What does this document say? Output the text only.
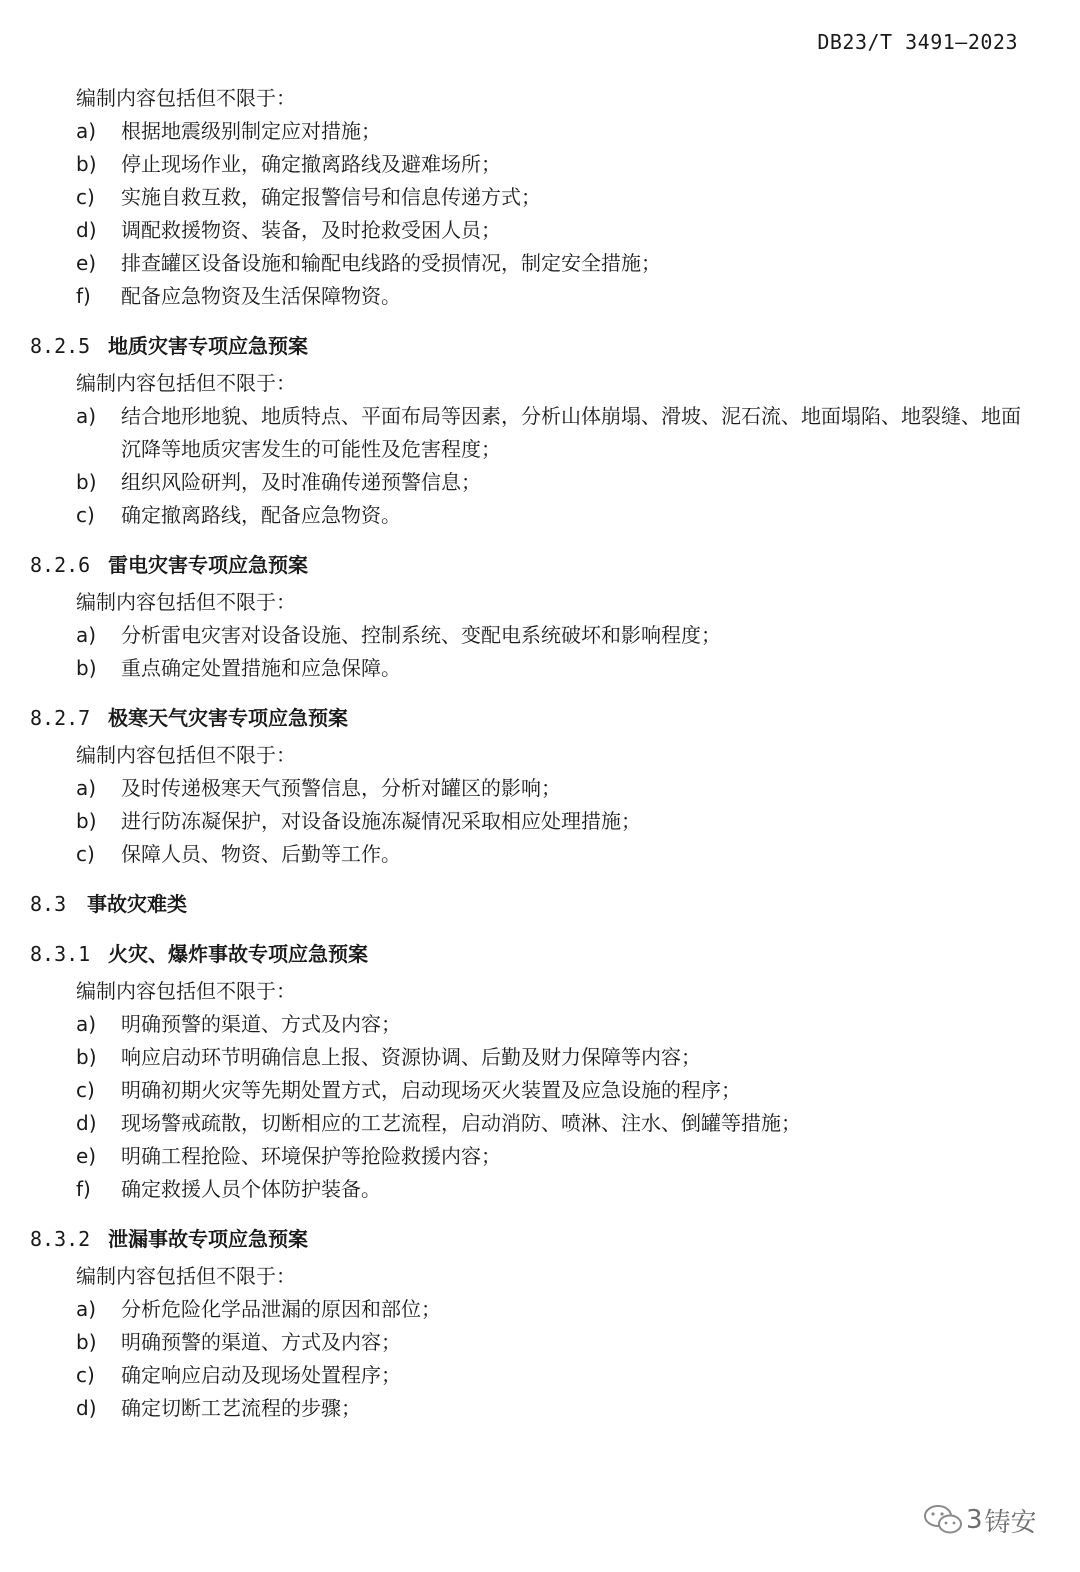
DB23/T 3491—2023
编制内容包括但不限于：
a)	根据地震级别制定应对措施；
b)	停止现场作业，确定撤离路线及避难场所；
c)	实施自救互救，确定报警信号和信息传递方式；
d)	调配救援物资、装备，及时抢救受困人员；
e)	排查罐区设备设施和输配电线路的受损情况，制定安全措施；
f)	配备应急物资及生活保障物资。
8.2.5 地质灾害专项应急预案
编制内容包括但不限于：
a)	结合地形地貌、地质特点、平面布局等因素，分析山体崩塌、滑坡、泥石流、地面塌陷、地裂缝、地面沉降等地质灾害发生的可能性及危害程度；
b)	组织风险研判，及时准确传递预警信息；
c)	确定撤离路线，配备应急物资。
8.2.6 雷电灾害专项应急预案
编制内容包括但不限于：
a)	分析雷电灾害对设备设施、控制系统、变配电系统破坏和影响程度；
b)	重点确定处置措施和应急保障。
8.2.7 极寒天气灾害专项应急预案
编制内容包括但不限于：
a)	及时传递极寒天气预警信息，分析对罐区的影响；
b)	进行防冻凝保护，对设备设施冻凝情况采取相应处理措施；
c)	保障人员、物资、后勤等工作。
8.3 事故灾难类
8.3.1 火灾、爆炸事故专项应急预案
编制内容包括但不限于：
a)	明确预警的渠道、方式及内容；
b)	响应启动环节明确信息上报、资源协调、后勤及财力保障等内容；
c)	明确初期火灾等先期处置方式，启动现场灭火装置及应急设施的程序；
d)	现场警戒疏散，切断相应的工艺流程，启动消防、喷淋、注水、倒罐等措施；
e)	明确工程抢险、环境保护等抢险救援内容；
f)	确定救援人员个体防护装备。
8.3.2 泄漏事故专项应急预案
编制内容包括但不限于：
a)	分析危险化学品泄漏的原因和部位；
b)	明确预警的渠道、方式及内容；
c)	确定响应启动及现场处置程序；
d)	确定切断工艺流程的步骤；
3 铸安
